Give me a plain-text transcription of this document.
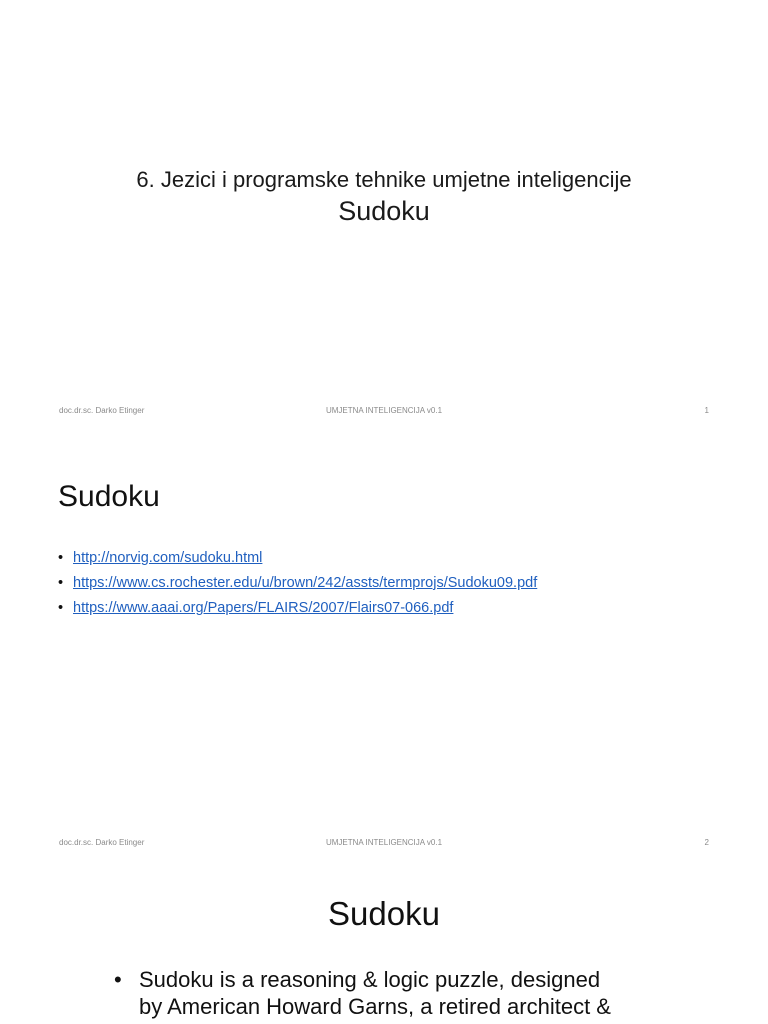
6. Jezici i programske tehnike umjetne inteligencije
Sudoku
doc.dr.sc. Darko Etinger	UMJETNA INTELIGENCIJA v0.1	1
Sudoku
• http://norvig.com/sudoku.html
• https://www.cs.rochester.edu/u/brown/242/assts/termprojs/Sudoku09.pdf
• https://www.aaai.org/Papers/FLAIRS/2007/Flairs07-066.pdf
doc.dr.sc. Darko Etinger	UMJETNA INTELIGENCIJA v0.1	2
Sudoku
• Sudoku is a reasoning & logic puzzle, designed
by American Howard Garns, a retired architect &
